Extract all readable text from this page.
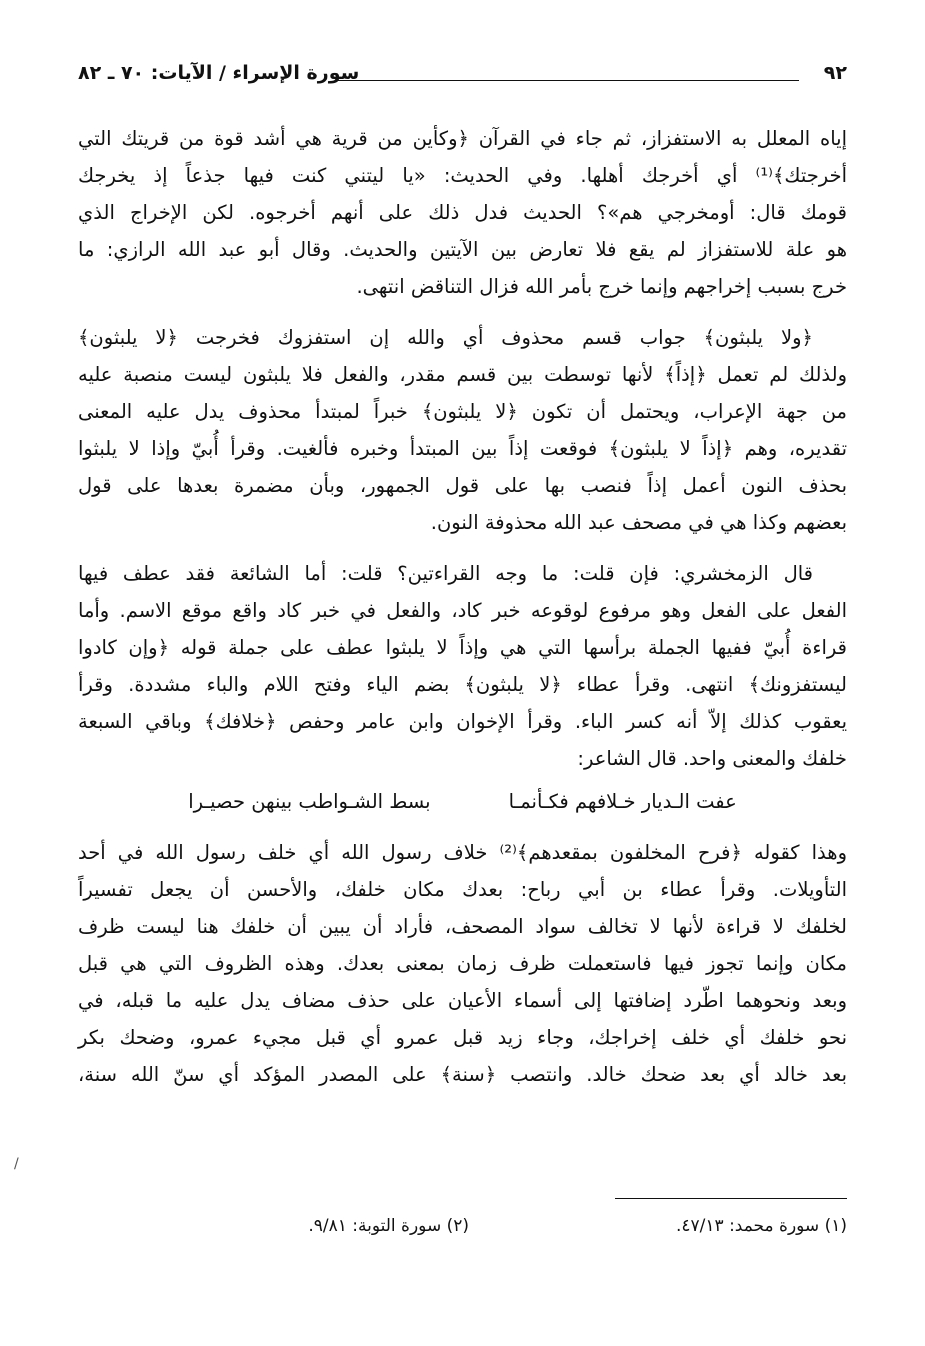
٩٢
سورة الإسراء / الآيات: ٧٠ ـ ٨٢
إياه المعلل به الاستفزاز، ثم جاء في القرآن ﴿وكأين من قرية هي أشد قوة من قريتك التي
أخرجتك﴾⁽¹⁾ أي أخرجك أهلها. وفي الحديث: «يا ليتني كنت فيها جذعاً إذ يخرجك
قومك قال: أومخرجي هم»؟ الحديث فدل ذلك على أنهم أخرجوه. لكن الإخراج الذي
هو علة للاستفزاز لم يقع فلا تعارض بين الآيتين والحديث. وقال أبو عبد الله الرازي: ما
خرج بسبب إخراجهم وإنما خرج بأمر الله فزال التناقض انتهى.
﴿ولا يلبثون﴾ جواب قسم محذوف أي والله إن استفزوك فخرجت ﴿لا يلبثون﴾
ولذلك لم تعمل ﴿إذاً﴾ لأنها توسطت بين قسم مقدر، والفعل فلا يلبثون ليست منصبة عليه
من جهة الإعراب، ويحتمل أن تكون ﴿لا يلبثون﴾ خبراً لمبتدأ محذوف يدل عليه المعنى
تقديره، وهم ﴿إذاً لا يلبثون﴾ فوقعت إذاً بين المبتدأ وخبره فألغيت. وقرأ أُبيّ وإذا لا يلبثوا
بحذف النون أعمل إذاً فنصب بها على قول الجمهور، وبأن مضمرة بعدها على قول
بعضهم وكذا هي في مصحف عبد الله محذوفة النون.
قال الزمخشري: فإن قلت: ما وجه القراءتين؟ قلت: أما الشائعة فقد عطف فيها
الفعل على الفعل وهو مرفوع لوقوعه خبر كاد، والفعل في خبر كاد واقع موقع الاسم. وأما
قراءة أُبيّ ففيها الجملة برأسها التي هي وإذاً لا يلبثوا عطف على جملة قوله ﴿وإن كادوا
ليستفزونك﴾ انتهى. وقرأ عطاء ﴿لا يلبثون﴾ بضم الياء وفتح اللام والباء مشددة. وقرأ
يعقوب كذلك إلاّ أنه كسر الباء. وقرأ الإخوان وابن عامر وحفص ﴿خلافك﴾ وباقي السبعة
خلفك والمعنى واحد. قال الشاعر:
عفت الـديار خـلافهم فكـأنمـا
بسط الشـواطب بينهن حصيـرا
وهذا كقوله ﴿فرح المخلفون بمقعدهم﴾⁽²⁾ خلاف رسول الله أي خلف رسول الله في أحد
التأويلات. وقرأ عطاء بن أبي رباح: بعدك مكان خلفك، والأحسن أن يجعل تفسيراً
لخلفك لا قراءة لأنها لا تخالف سواد المصحف، فأراد أن يبين أن خلفك هنا ليست ظرف
مكان وإنما تجوز فيها فاستعملت ظرف زمان بمعنى بعدك. وهذه الظروف التي هي قبل
وبعد ونحوهما اطّرد إضافتها إلى أسماء الأعيان على حذف مضاف يدل عليه ما قبله، في
نحو خلفك أي خلف إخراجك، وجاء زيد قبل عمرو أي قبل مجيء عمرو، وضحك بكر
بعد خالد أي بعد ضحك خالد. وانتصب ﴿سنة﴾ على المصدر المؤكد أي سنّ الله سنة،
(١) سورة محمد: ٤٧/١٣.
(٢) سورة التوبة: ٩/٨١.
/
